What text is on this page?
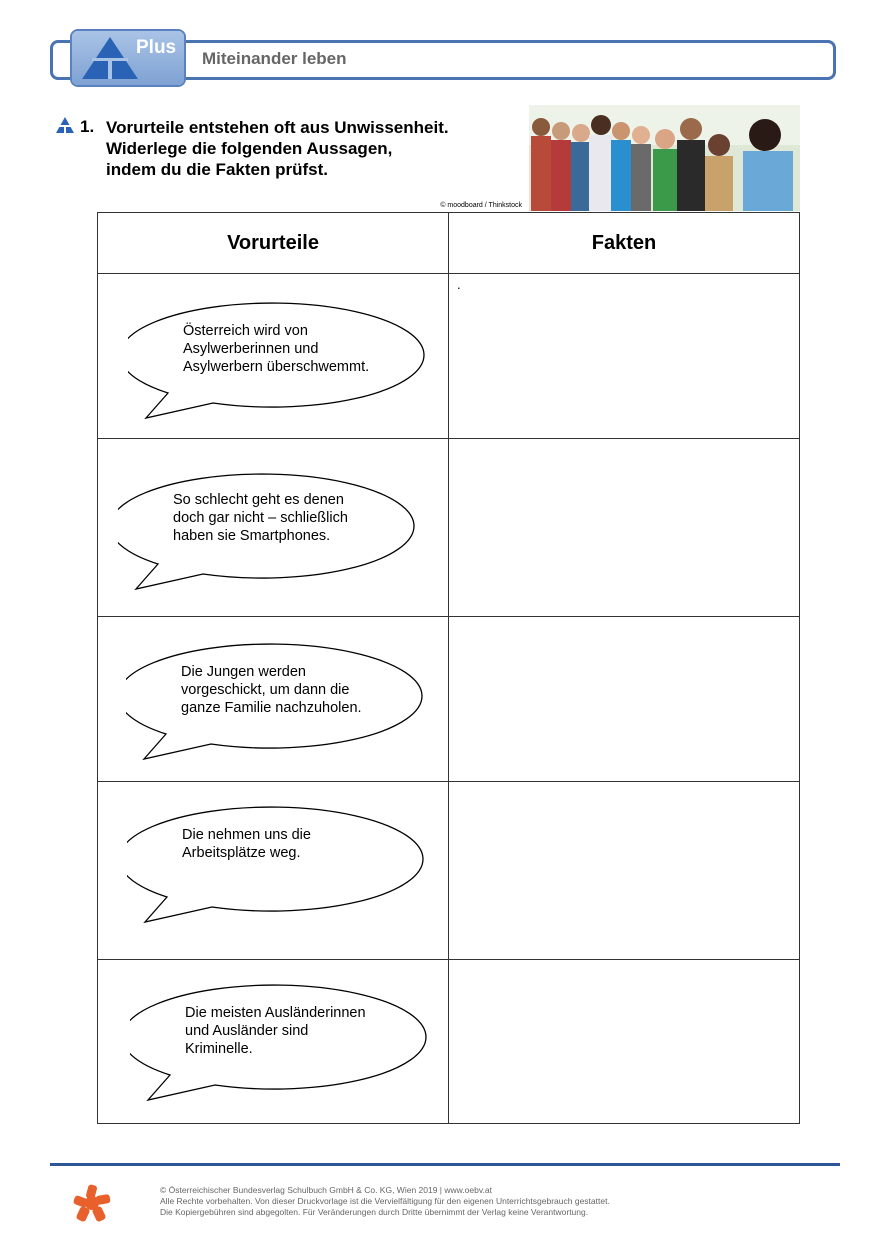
Plus
Miteinander leben
1. Vorurteile entstehen oft aus Unwissenheit.
Widerlege die folgenden Aussagen,
indem du die Fakten prüfst.
© moodboard / Thinkstock
Vorurteile	Fakten

Österreich wird von
Asylwerberinnen und
Asylwerbern überschwemmt.	.

So schlecht geht es denen
doch gar nicht – schließlich
haben sie Smartphones.	

Die Jungen werden
vorgeschickt, um dann die
ganze Familie nachzuholen.	

Die nehmen uns die
Arbeitsplätze weg.	

Die meisten Ausländerinnen
und Ausländer sind
Kriminelle.	

© Österreichischer Bundesverlag Schulbuch GmbH & Co. KG, Wien 2019 | www.oebv.at
Alle Rechte vorbehalten. Von dieser Druckvorlage ist die Vervielfältigung für den eigenen Unterrichtsgebrauch gestattet.
Die Kopiergebühren sind abgegolten. Für Veränderungen durch Dritte übernimmt der Verlag keine Verantwortung.
